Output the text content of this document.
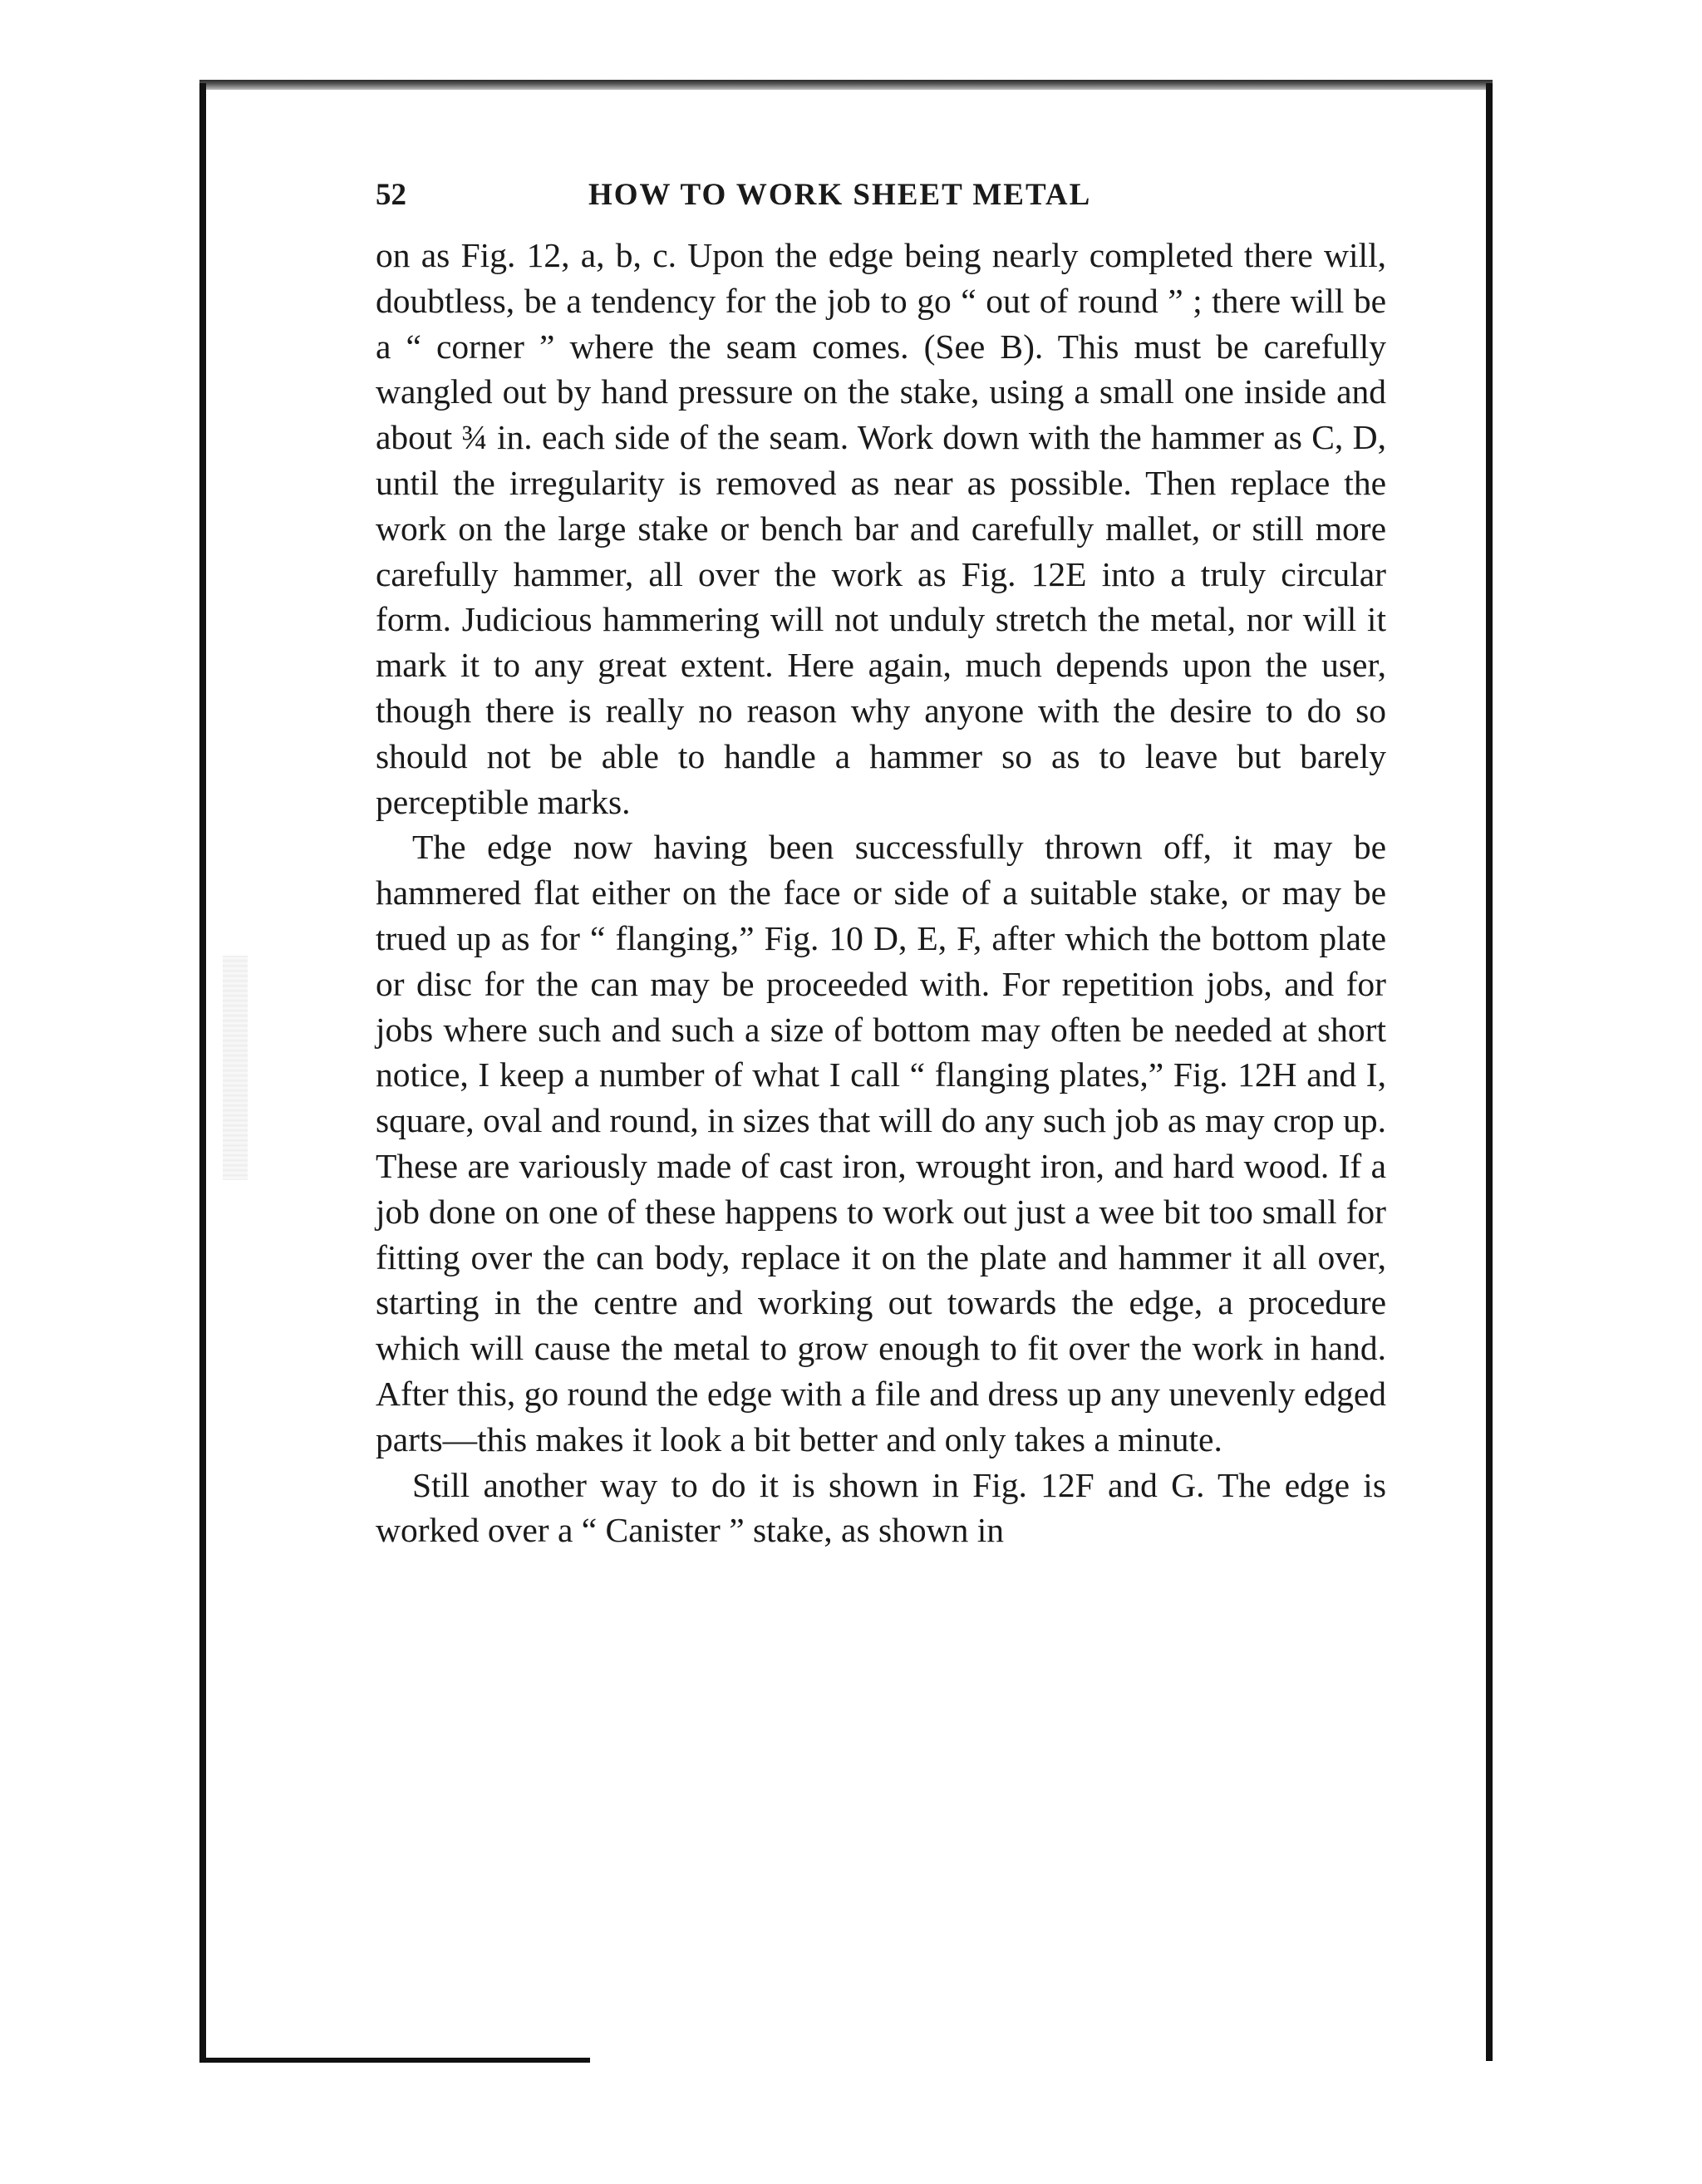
52	HOW TO WORK SHEET METAL

on as Fig. 12, a, b, c. Upon the edge being nearly completed there will, doubtless, be a tendency for the job to go “ out of round ” ; there will be a “ corner ” where the seam comes. (See B). This must be carefully wangled out by hand pressure on the stake, using a small one inside and about ¾ in. each side of the seam. Work down with the hammer as C, D, until the irregularity is removed as near as possible. Then replace the work on the large stake or bench bar and carefully mallet, or still more carefully hammer, all over the work as Fig. 12E into a truly circular form. Judicious hammering will not unduly stretch the metal, nor will it mark it to any great extent. Here again, much depends upon the user, though there is really no reason why anyone with the desire to do so should not be able to handle a hammer so as to leave but barely perceptible marks.

The edge now having been successfully thrown off, it may be hammered flat either on the face or side of a suitable stake, or may be trued up as for “ flanging,” Fig. 10 D, E, F, after which the bottom plate or disc for the can may be proceeded with. For repetition jobs, and for jobs where such and such a size of bottom may often be needed at short notice, I keep a number of what I call “ flanging plates,” Fig. 12H and I, square, oval and round, in sizes that will do any such job as may crop up. These are variously made of cast iron, wrought iron, and hard wood. If a job done on one of these happens to work out just a wee bit too small for fitting over the can body, replace it on the plate and hammer it all over, starting in the centre and working out towards the edge, a procedure which will cause the metal to grow enough to fit over the work in hand. After this, go round the edge with a file and dress up any unevenly edged parts—this makes it look a bit better and only takes a minute.

Still another way to do it is shown in Fig. 12F and G. The edge is worked over a “ Canister ” stake, as shown in
